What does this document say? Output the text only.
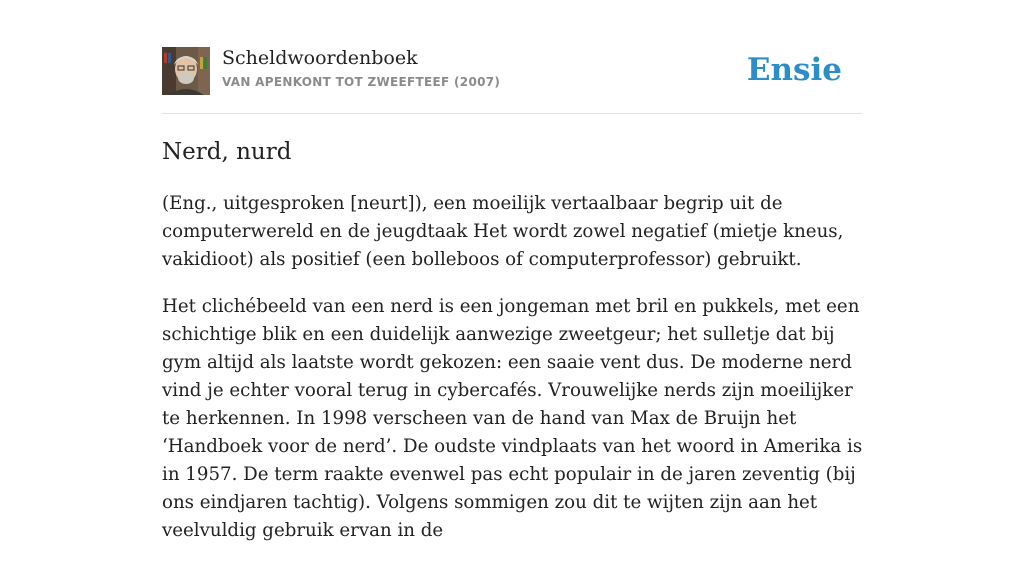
Scheldwoordenboek
VAN APENKONT TOT ZWEEFTEEF (2007)	Ensie
Nerd, nurd

(Eng., uitgesproken [neurt]), een moeilijk vertaalbaar begrip uit de computerwereld en de jeugdtaak Het wordt zowel negatief (mietje kneus, vakidioot) als positief (een bolleboos of computerprofessor) gebruikt.

Het clichébeeld van een nerd is een jongeman met bril en pukkels, met een schichtige blik en een duidelijk aanwezige zweetgeur; het sulletje dat bij gym altijd als laatste wordt gekozen: een saaie vent dus. De moderne nerd vind je echter vooral terug in cybercafés. Vrouwelijke nerds zijn moeilijker te herkennen. In 1998 verscheen van de hand van Max de Bruijn het ‘Handboek voor de nerd’. De oudste vindplaats van het woord in Amerika is in 1957. De term raakte evenwel pas echt populair in de jaren zeventig (bij ons eindjaren tachtig). Volgens sommigen zou dit te wijten zijn aan het veelvuldig gebruik ervan in de
